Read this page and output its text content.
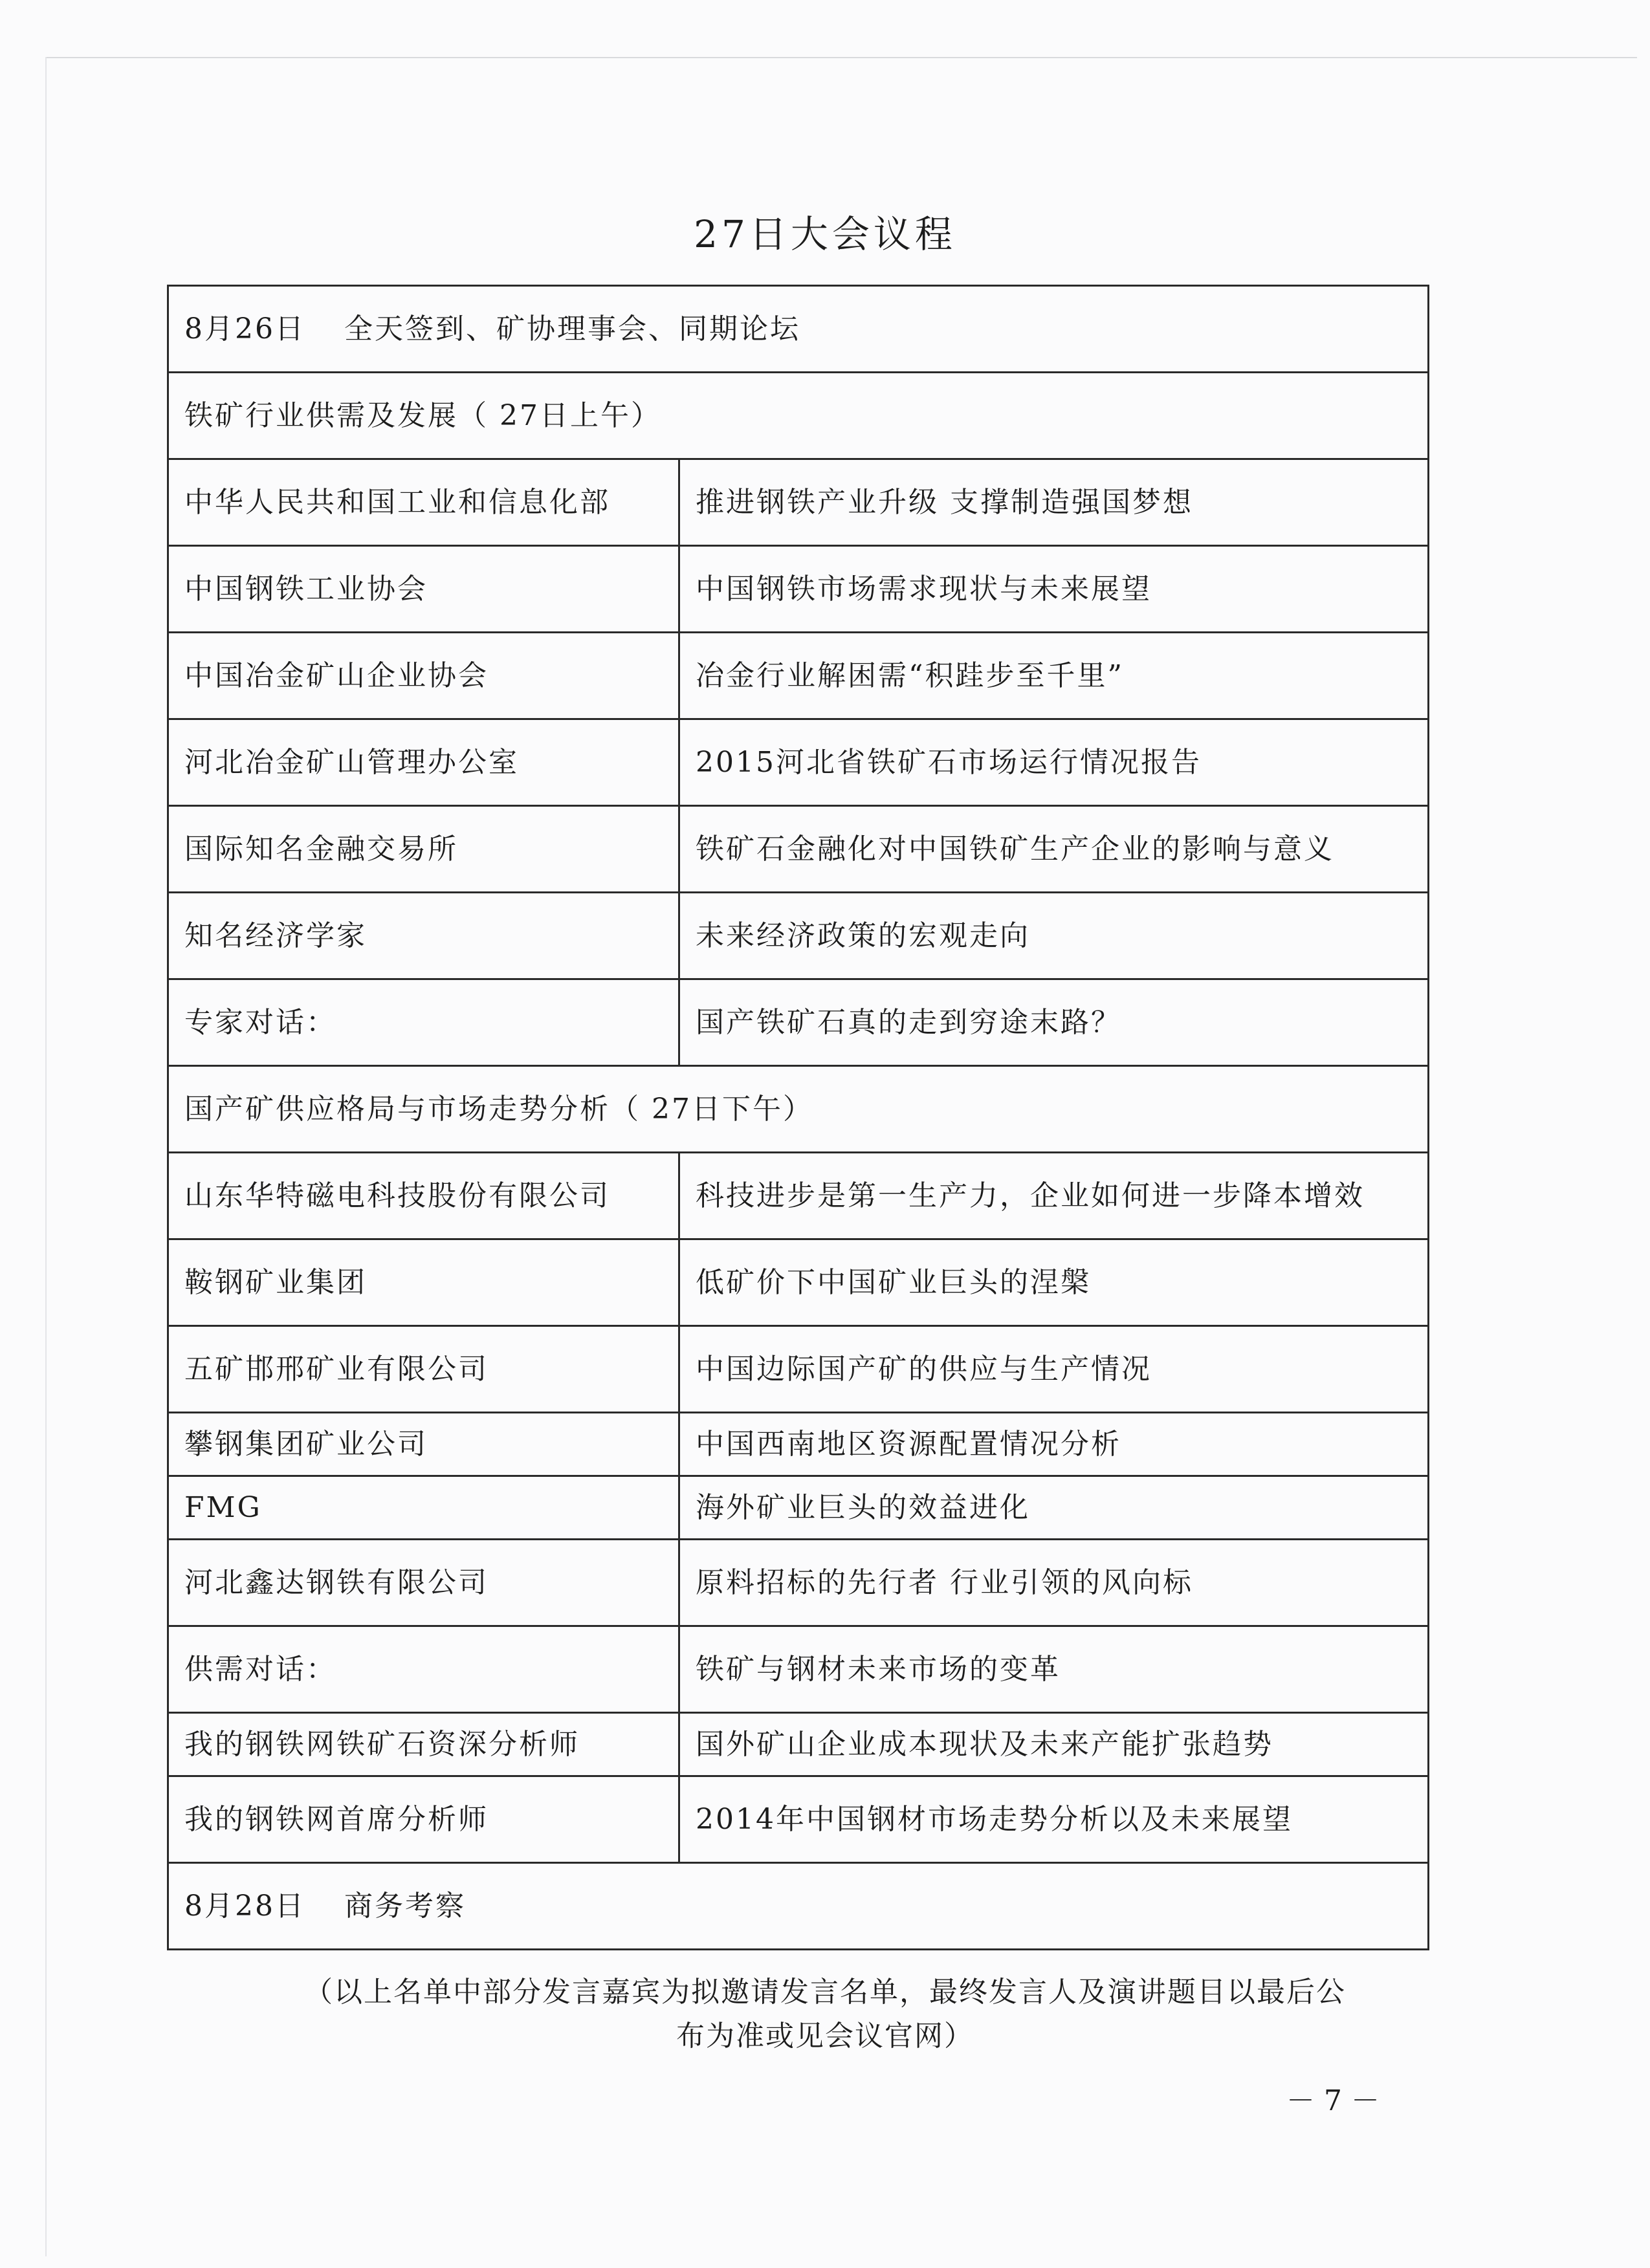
27日大会议程
8月26日 全天签到、矿协理事会、同期论坛	
铁矿行业供需及发展（ 27日上午）	
中华人民共和国工业和信息化部	推进钢铁产业升级 支撑制造强国梦想
中国钢铁工业协会	中国钢铁市场需求现状与未来展望
中国冶金矿山企业协会	冶金行业解困需“积跬步至千里”
河北冶金矿山管理办公室	2015河北省铁矿石市场运行情况报告
国际知名金融交易所	铁矿石金融化对中国铁矿生产企业的影响与意义
知名经济学家	未来经济政策的宏观走向
专家对话：	国产铁矿石真的走到穷途末路？
国产矿供应格局与市场走势分析（ 27日下午）	
山东华特磁电科技股份有限公司	科技进步是第一生产力，企业如何进一步降本增效
鞍钢矿业集团	低矿价下中国矿业巨头的涅槃
五矿邯邢矿业有限公司	中国边际国产矿的供应与生产情况
攀钢集团矿业公司	中国西南地区资源配置情况分析
FMG	海外矿业巨头的效益进化
河北鑫达钢铁有限公司	原料招标的先行者 行业引领的风向标
供需对话：	铁矿与钢材未来市场的变革
我的钢铁网铁矿石资深分析师	国外矿山企业成本现状及未来产能扩张趋势
我的钢铁网首席分析师	2014年中国钢材市场走势分析以及未来展望
8月28日 商务考察	
（以上名单中部分发言嘉宾为拟邀请发言名单，最终发言人及演讲题目以最后公
布为准或见会议官网）
－ 7 －
